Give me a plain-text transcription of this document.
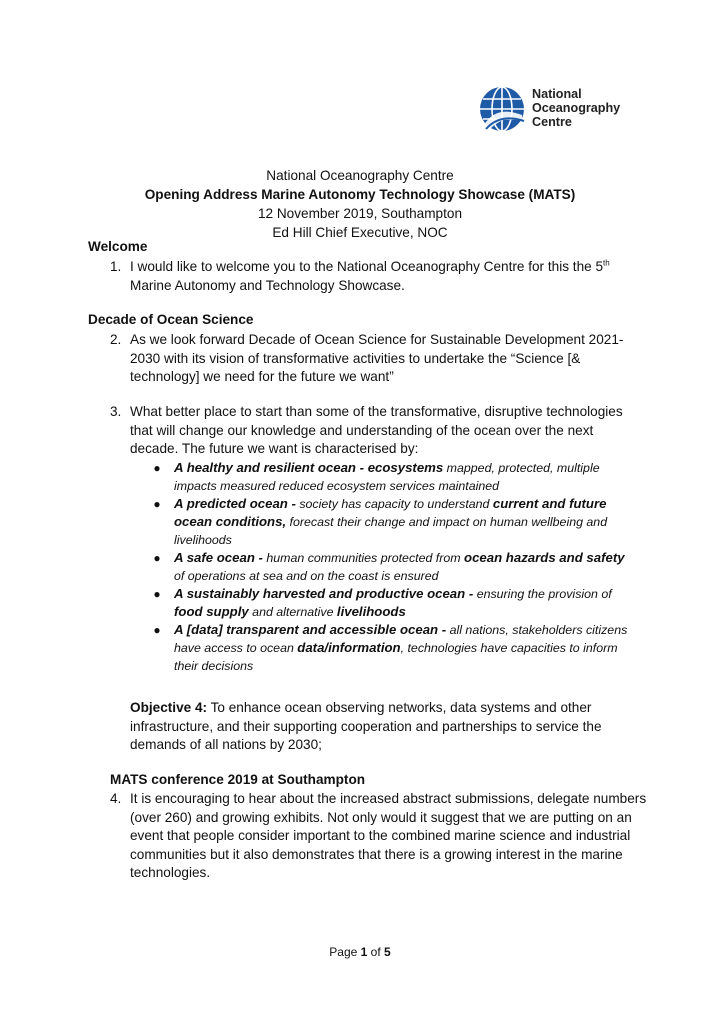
National
Oceanography
Centre
National Oceanography Centre
Opening Address Marine Autonomy Technology Showcase (MATS)
12 November 2019, Southampton
Ed Hill Chief Executive, NOC
Welcome
1. I would like to welcome you to the National Oceanography Centre for this the 5th
Marine Autonomy and Technology Showcase.
Decade of Ocean Science
2. As we look forward Decade of Ocean Science for Sustainable Development 2021-
2030 with its vision of transformative activities to undertake the “Science [&
technology] we need for the future we want”
3. What better place to start than some of the transformative, disruptive technologies
that will change our knowledge and understanding of the ocean over the next
decade. The future we want is characterised by:
● A healthy and resilient ocean - ecosystems mapped, protected, multiple
impacts measured reduced ecosystem services maintained
● A predicted ocean - society has capacity to understand current and future
ocean conditions, forecast their change and impact on human wellbeing and
livelihoods
● A safe ocean - human communities protected from ocean hazards and safety
of operations at sea and on the coast is ensured
● A sustainably harvested and productive ocean - ensuring the provision of
food supply and alternative livelihoods
● A [data] transparent and accessible ocean - all nations, stakeholders citizens
have access to ocean data/information, technologies have capacities to inform
their decisions
Objective 4: To enhance ocean observing networks, data systems and other
infrastructure, and their supporting cooperation and partnerships to service the
demands of all nations by 2030;
MATS conference 2019 at Southampton
4. It is encouraging to hear about the increased abstract submissions, delegate numbers
(over 260) and growing exhibits. Not only would it suggest that we are putting on an
event that people consider important to the combined marine science and industrial
communities but it also demonstrates that there is a growing interest in the marine
technologies.
Page 1 of 5
